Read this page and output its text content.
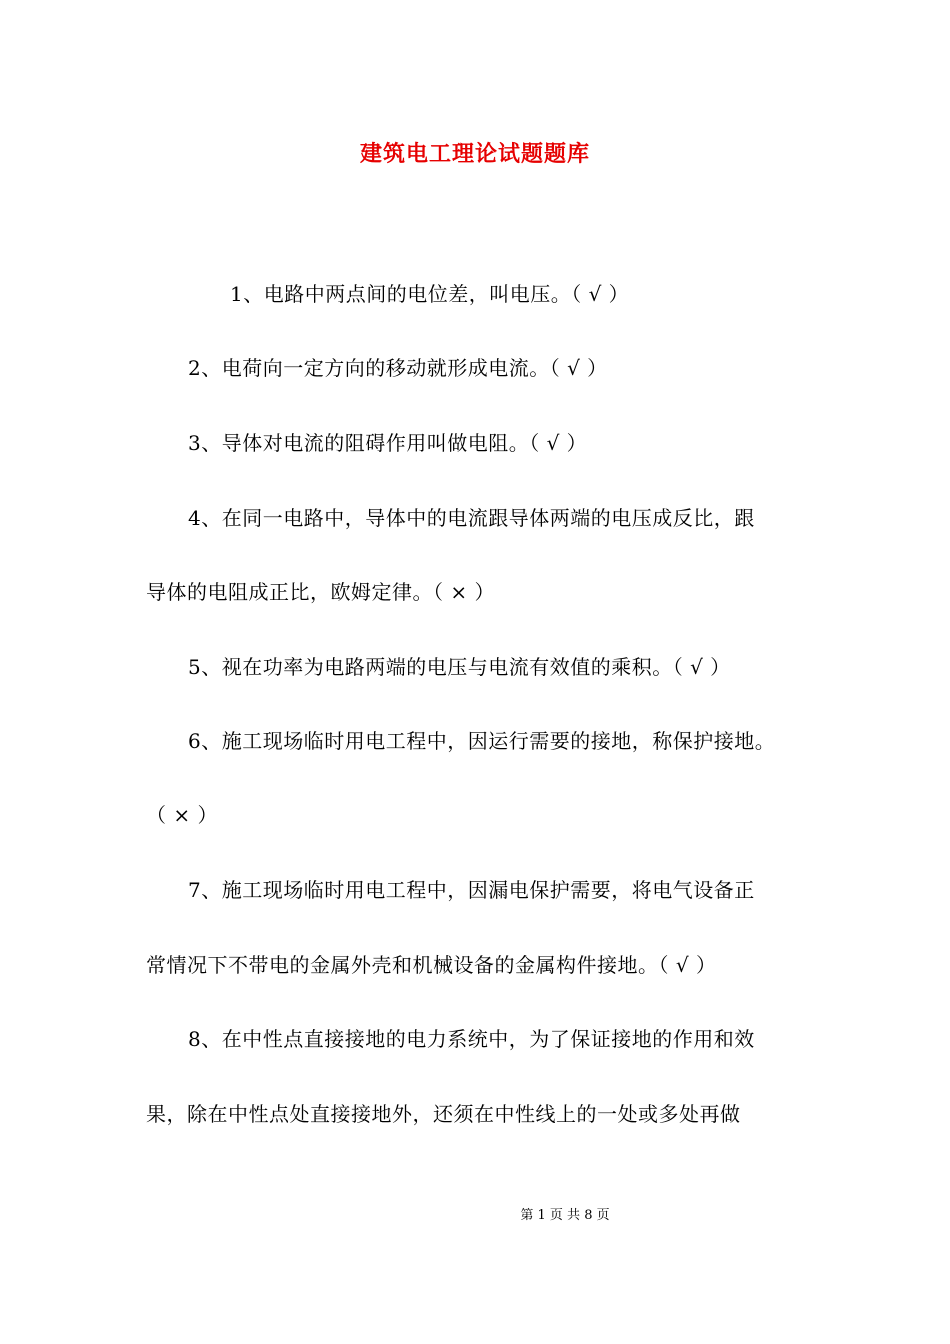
建筑电工理论试题题库
1、电路中两点间的电位差，叫电压。（ √ ）
2、电荷向一定方向的移动就形成电流。（ √ ）
3、导体对电流的阻碍作用叫做电阻。（ √ ）
4、在同一电路中，导体中的电流跟导体两端的电压成反比，跟
导体的电阻成正比，欧姆定律。（ × ）
5、视在功率为电路两端的电压与电流有效值的乘积。（ √ ）
6、施工现场临时用电工程中，因运行需要的接地，称保护接地。
（ × ）
7、施工现场临时用电工程中，因漏电保护需要，将电气设备正
常情况下不带电的金属外壳和机械设备的金属构件接地。（ √ ）
8、在中性点直接接地的电力系统中，为了保证接地的作用和效
果，除在中性点处直接接地外，还须在中性线上的一处或多处再做
第 1 页 共 8 页
